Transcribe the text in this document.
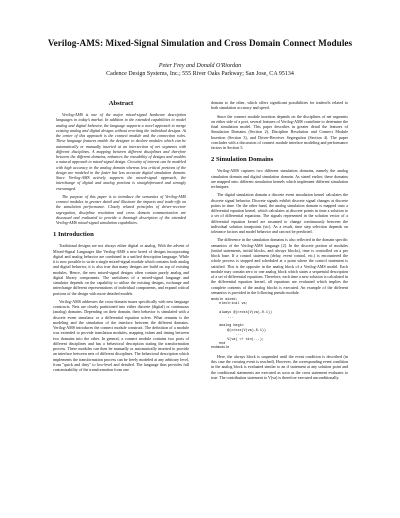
Verilog-AMS: Mixed-Signal Simulation and Cross Domain Connect Modules
Peter Frey and Donald O'Riordan
Cadence Design Systems, Inc.; 555 River Oaks Parkway; San Jose, CA 95134
Abstract

Verilog-AMS is one of the major mixed-signal hardware description languages in today's market. In addition to the extended capabilities to model analog and digital behavior, the language supports a novel approach to merge existing analog and digital designs without rewriting the individual designs. At the center of this approach is the connect module and the connection rules. These language features enable the designer to declare modules which can be automatically or manually inserted at an intersection of net segments with different disciplines. A mapping between different disciplines and therefore between the different domains, enhances the reusability of designs and enables a natural approach to mixed-signal design. Circuitry of interest can be modeled with high accuracy in the analog domain whereas less critical portions of the design are modeled in the faster but less accurate digital simulation domain. Since Verilog-AMS actively supports the mixed-signal approach, the interchange of digital and analog portions is straightforward and strongly encouraged.

The purpose of this paper is to introduce the semantics of Verilog-AMS connect modules in greater detail and illustrate the impacts and trade-offs on the simulation performance. Closely related principles of driver-receiver segregation, discipline resolution and cross domain communication are discussed and evaluated to provide a thorough description of the extended Verilog-AMS mixed-signal simulation capabilities.

1 Introduction

Traditional designs are not always either digital or analog. With the advent of Mixed-Signal Languages like Verilog-AMS a new breed of designs incorporating digital and analog behavior are combined in a unified description language. While it is now possible to write a single mixed-signal module which contains both analog and digital behavior, it is also true that many designs are build on top of existing modules. Hence, the new mixed-signal designs often contain purely analog and digital library components. The usefulness of a mixed-signal language and simulator depends on the capability to utilize the existing designs, exchange and interchange different representations of individual components, and expand critical portions of the design with more detailed models.

Verilog-AMS addresses the cross-domain issues specifically with new language constructs. Nets are clearly partitioned into either discrete (digital) or continuous (analog) domains. Depending on their domain, their behavior is simulated with a discrete event simulator or a differential equation solver. What remains is the modeling and the simulation of the interface between the different domains. Verilog-AMS introduces the connect module construct. The definition of a module was extended to provide translation modules, mapping values and timing between two domains into the other. In general, a connect module contains two ports of different disciplines and has a behavioral description stating the transformation process. These modules can then be manually or automatically inserted to provide an interface between nets of different disciplines. The behavioral description which implements the transformation process can be freely modeled at any arbitrary level, from "quick and dirty" to low-level and detailed. The language thus provides full customizability of the transformation from one

domain to the other, which offers significant possibilities for tradeoffs related to both simulation accuracy and speed.

Since the connect module insertion depends on the disciplines of net segments on either side of a port, several features of Verilog-AMS contribute to determine the final simulation model. This paper describes in greater detail the features of Simulation Domains (Section 2), Discipline Resolution and Connect Module Insertion (Section 3), and Driver-Receiver Segregation (Section 4). The paper concludes with a discussion of connect module interface modeling and performance factors in Section 5.

2 Simulation Domains

Verilog-AMS captures two different simulation domains, namely the analog simulation domain and digital simulation domain. As stated earlier, these domains are mapped onto different simulation kernels which implement different simulation techniques.

The digital simulation domain a discrete event simulation kernel calculates the discrete signal behavior. Discrete signals exhibit discrete signal changes at discrete points in time. On the other hand, the analog simulation domain is mapped onto a differential equation kernel, which calculates at discrete points in time a solution to a set of differential equations. The signals represented in the solution vector of a differential equation kernel are assumed to change continuously between the individual solution timepoints (sic). As a result, time step selection depends on tolerance factors and model behavior and can not be predicted.

The difference in the simulation domains is also reflected in the domain specific semantics of the Verilog-AMS language [2]. In the discrete portion of modules (initial statements, initial blocks, and always blocks), time is controlled on a per block base. If a control statement (delay, event control, etc.) is encountered the whole process is stopped and scheduled at a point where the control statement is satisfied. This is the opposite in the analog block of a Verilog-AMS model. Each module may contain zero or one analog block which states a sequential description of a set of differential equations. Therefore, each time a new solution is calculated in the differential equation kernel, all equations are evaluated which implies the complete contents of the analog blocks is executed. An example of the different semantics is provided in the following pseudo module.

module mixed;
electrical va;

always @(cross(V(va)-0.1))
...

analog begin
@(cross(V(va)-0.1))
...
V(va) <+ sin(...);
end
endmodule

Here, the always block is suspended until the event condition is described (in this case the crossing event is reached). However, the corresponding event condition in the analog block is evaluated similar to an if statement at any solution point and the conditional statements are executed as soon as the cross statement evaluates to true. The contribution statement to V(va) is therefore executed unconditionally.
